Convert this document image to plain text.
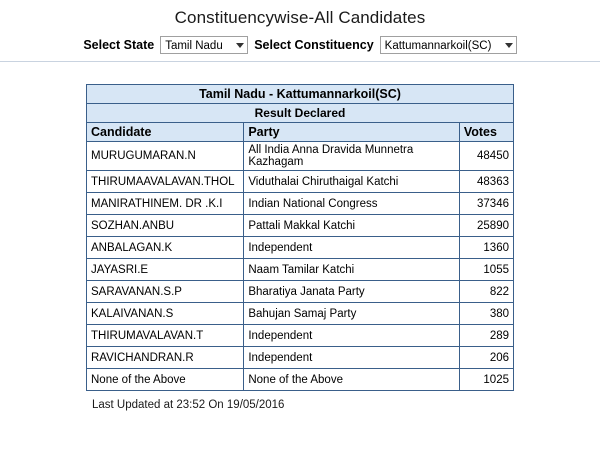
Constituencywise-All Candidates
Select State Tamil Nadu	Select Constituency Kattumannarkoil(SC)
Tamil Nadu - Kattumannarkoil(SC)		
Result Declared		
Candidate	Party	Votes
MURUGUMARAN.N	All India Anna Dravida Munnetra Kazhagam	48450
THIRUMAAVALAVAN.THOL	Viduthalai Chiruthaigal Katchi	48363
MANIRATHINEM. DR .K.I	Indian National Congress	37346
SOZHAN.ANBU	Pattali Makkal Katchi	25890
ANBALAGAN.K	Independent	1360
JAYASRI.E	Naam Tamilar Katchi	1055
SARAVANAN.S.P	Bharatiya Janata Party	822
KALAIVANAN.S	Bahujan Samaj Party	380
THIRUMAVALAVAN.T	Independent	289
RAVICHANDRAN.R	Independent	206
None of the Above	None of the Above	1025
Last Updated at 23:52 On 19/05/2016
